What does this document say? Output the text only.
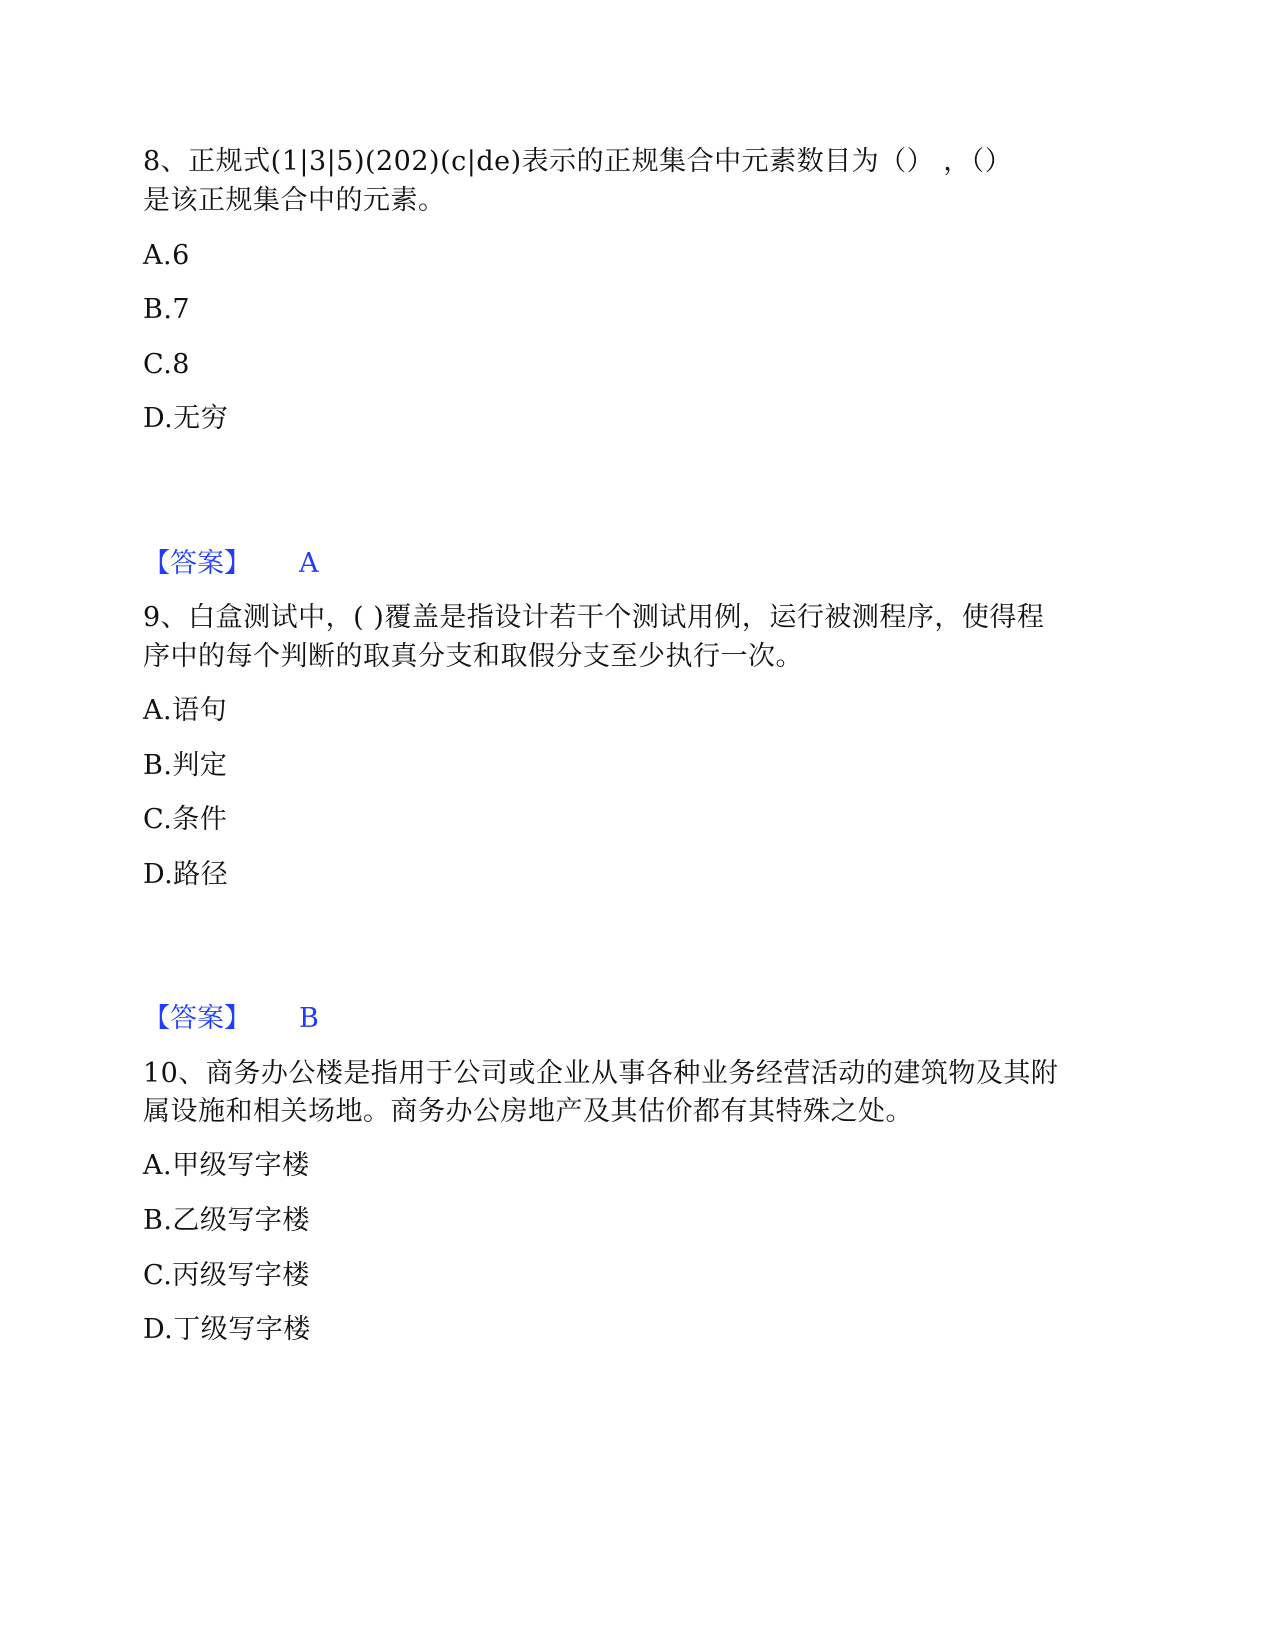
8、正规式(1|3|5)(202)(c|de)表示的正规集合中元素数目为（） ，（）
是该正规集合中的元素。
A.6
B.7
C.8
D.无穷
【答案】 A
9、白盒测试中，( )覆盖是指设计若干个测试用例，运行被测程序，使得程
序中的每个判断的取真分支和取假分支至少执行一次。
A.语句
B.判定
C.条件
D.路径
【答案】 B
10、商务办公楼是指用于公司或企业从事各种业务经营活动的建筑物及其附
属设施和相关场地。商务办公房地产及其估价都有其特殊之处。
A.甲级写字楼
B.乙级写字楼
C.丙级写字楼
D.丁级写字楼
